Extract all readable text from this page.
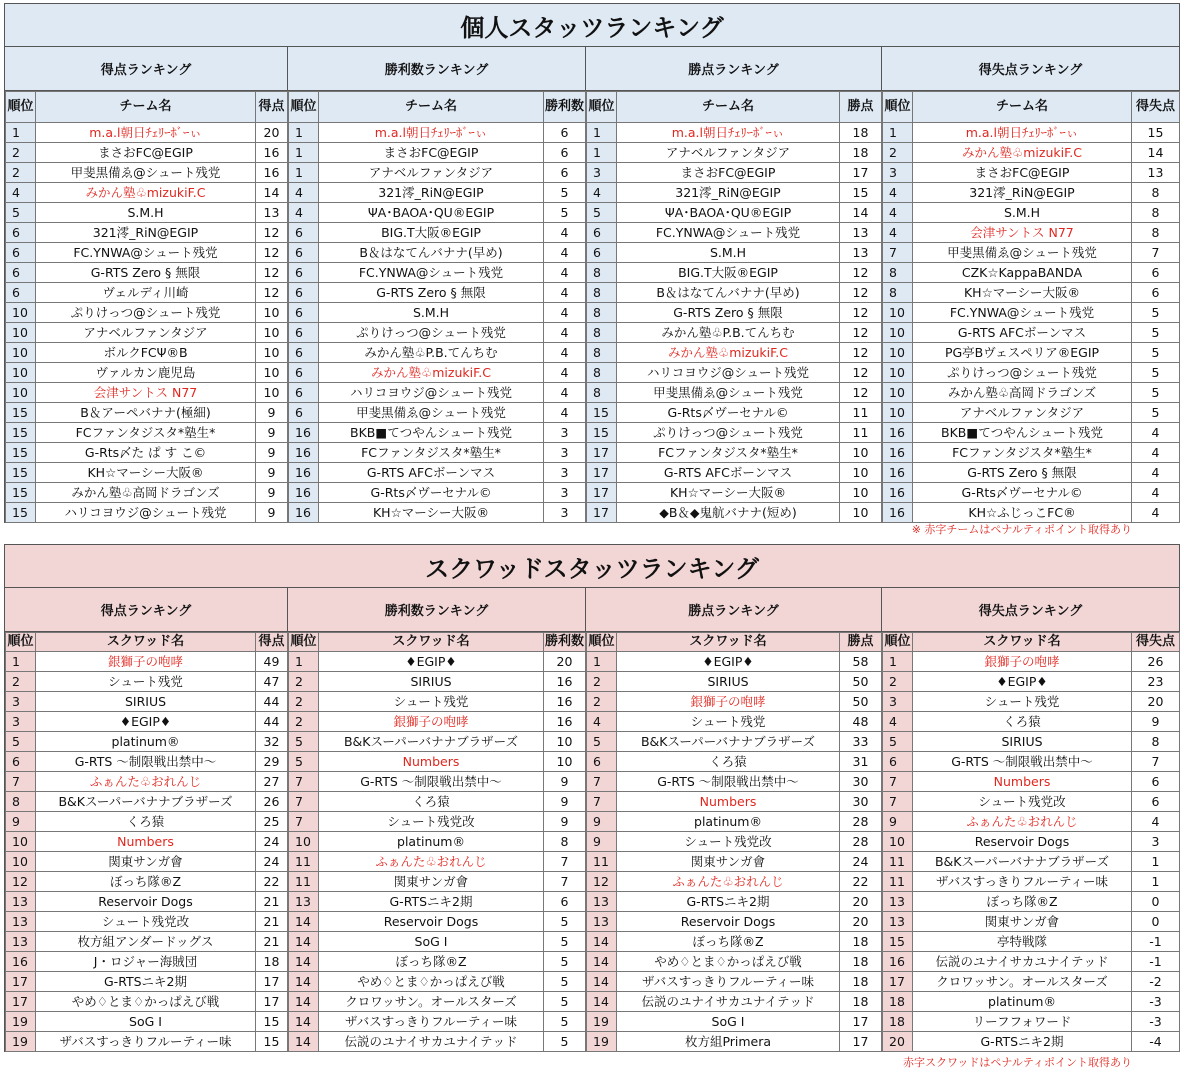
個人スタッツランキング
得点ランキング
順位	チーム名	得点
1	m.a.l朝日ﾁｪﾘｰﾎﾞｰぃ	20
2	まさおFC@EGIP	16
2	甲斐黒備ゑ@シュート残党	16
4	みかん塾♧mizukiF.C	14
5	S.M.H	13
6	321澪_RiN@EGIP	12
6	FC.YNWA@シュート残党	12
6	G-RTS Zero § 無限	12
6	ヴェルディ川崎	12
10	ぷりけっつ@シュート残党	10
10	アナベルファンタジア	10
10	ボルクFCΨ®B	10
10	ヴァルカン鹿児島	10
10	会津サントス N77	10
15	B＆アーペバナナ(極細)	9
15	FCファンタジスタ*塾生*	9
15	G-Rts〆た ぱ す こ©	9
15	KH☆マーシー大阪®	9
15	みかん塾♧高岡ドラゴンズ	9
15	ハリコヨウジ@シュート残党	9
勝利数ランキング
順位	チーム名	勝利数
1	m.a.l朝日ﾁｪﾘｰﾎﾞｰぃ	6
1	まさおFC@EGIP	6
1	アナベルファンタジア	6
4	321澪_RiN@EGIP	5
4	ΨA･BAOA･QU®EGIP	5
6	BIG.T大阪®EGIP	4
6	B＆はなてんバナナ(早め)	4
6	FC.YNWA@シュート残党	4
6	G-RTS Zero § 無限	4
6	S.M.H	4
6	ぷりけっつ@シュート残党	4
6	みかん塾♧P.B.てんちむ	4
6	みかん塾♧mizukiF.C	4
6	ハリコヨウジ@シュート残党	4
6	甲斐黒備ゑ@シュート残党	4
16	BKB■てつやんシュート残党	3
16	FCファンタジスタ*塾生*	3
16	G-RTS AFCボーンマス	3
16	G-Rts〆ヴーセナル©	3
16	KH☆マーシー大阪®	3
勝点ランキング
順位	チーム名	勝点
1	m.a.l朝日ﾁｪﾘｰﾎﾞｰぃ	18
1	アナベルファンタジア	18
3	まさおFC@EGIP	17
4	321澪_RiN@EGIP	15
5	ΨA･BAOA･QU®EGIP	14
6	FC.YNWA@シュート残党	13
6	S.M.H	13
8	BIG.T大阪®EGIP	12
8	B＆はなてんバナナ(早め)	12
8	G-RTS Zero § 無限	12
8	みかん塾♧P.B.てんちむ	12
8	みかん塾♧mizukiF.C	12
8	ハリコヨウジ@シュート残党	12
8	甲斐黒備ゑ@シュート残党	12
15	G-Rts〆ヴーセナル©	11
15	ぷりけっつ@シュート残党	11
17	FCファンタジスタ*塾生*	10
17	G-RTS AFCボーンマス	10
17	KH☆マーシー大阪®	10
17	◆B＆◆鬼航バナナ(短め)	10
得失点ランキング
順位	チーム名	得失点
1	m.a.l朝日ﾁｪﾘｰﾎﾞｰぃ	15
2	みかん塾♧mizukiF.C	14
3	まさおFC@EGIP	13
4	321澪_RiN@EGIP	8
4	S.M.H	8
4	会津サントス N77	8
7	甲斐黒備ゑ@シュート残党	7
8	CZK☆KappaBANDA	6
8	KH☆マーシー大阪®	6
10	FC.YNWA@シュート残党	5
10	G-RTS AFCボーンマス	5
10	PG亭Bヴェスペリア®EGIP	5
10	ぷりけっつ@シュート残党	5
10	みかん塾♧高岡ドラゴンズ	5
10	アナベルファンタジア	5
16	BKB■てつやんシュート残党	4
16	FCファンタジスタ*塾生*	4
16	G-RTS Zero § 無限	4
16	G-Rts〆ヴーセナル©	4
16	KH☆ふじっこFC®	4
※ 赤字チームはペナルティポイント取得あり
スクワッドスタッツランキング
得点ランキング
順位	スクワッド名	得点
1	銀獅子の咆哮	49
2	シュート残党	47
3	SIRIUS	44
3	♦EGIP♦	44
5	platinum®	32
6	G-RTS 〜制限戦出禁中〜	29
7	ふぁんた♧おれんじ	27
8	B&Kスーパーバナナブラザーズ	26
9	くろ猿	25
10	Numbers	24
10	関東サンガ會	24
12	ぼっち隊®Z	22
13	Reservoir Dogs	21
13	シュート残党改	21
13	枚方組アンダードッグス	21
16	J・ロジャー海賊団	18
17	G-RTSニキ2期	17
17	やめ♢とま♢かっぱえび戦	17
19	SoG Ⅰ	15
19	ザバスすっきりフルーティー味	15
勝利数ランキング
順位	スクワッド名	勝利数
1	♦EGIP♦	20
2	SIRIUS	16
2	シュート残党	16
2	銀獅子の咆哮	16
5	B&Kスーパーバナナブラザーズ	10
5	Numbers	10
7	G-RTS 〜制限戦出禁中〜	9
7	くろ猿	9
7	シュート残党改	9
10	platinum®	8
11	ふぁんた♧おれんじ	7
11	関東サンガ會	7
13	G-RTSニキ2期	6
14	Reservoir Dogs	5
14	SoG Ⅰ	5
14	ぼっち隊®Z	5
14	やめ♢とま♢かっぱえび戦	5
14	クロワッサン。オールスターズ	5
14	ザバスすっきりフルーティー味	5
14	伝説のユナイサカユナイテッド	5
勝点ランキング
順位	スクワッド名	勝点
1	♦EGIP♦	58
2	SIRIUS	50
2	銀獅子の咆哮	50
4	シュート残党	48
5	B&Kスーパーバナナブラザーズ	33
6	くろ猿	31
7	G-RTS 〜制限戦出禁中〜	30
7	Numbers	30
9	platinum®	28
9	シュート残党改	28
11	関東サンガ會	24
12	ふぁんた♧おれんじ	22
13	G-RTSニキ2期	20
13	Reservoir Dogs	20
14	ぼっち隊®Z	18
14	やめ♢とま♢かっぱえび戦	18
14	ザバスすっきりフルーティー味	18
14	伝説のユナイサカユナイテッド	18
19	SoG Ⅰ	17
19	枚方組Primera	17
得失点ランキング
順位	スクワッド名	得失点
1	銀獅子の咆哮	26
2	♦EGIP♦	23
3	シュート残党	20
4	くろ猿	9
5	SIRIUS	8
6	G-RTS 〜制限戦出禁中〜	7
7	Numbers	6
7	シュート残党改	6
9	ふぁんた♧おれんじ	4
10	Reservoir Dogs	3
11	B&Kスーパーバナナブラザーズ	1
11	ザバスすっきりフルーティー味	1
13	ぼっち隊®Z	0
13	関東サンガ會	0
15	亭特戦隊	-1
16	伝説のユナイサカユナイテッド	-1
17	クロワッサン。オールスターズ	-2
18	platinum®	-3
18	リーフフォワード	-3
20	G-RTSニキ2期	-4
赤字スクワッドはペナルティポイント取得あり
